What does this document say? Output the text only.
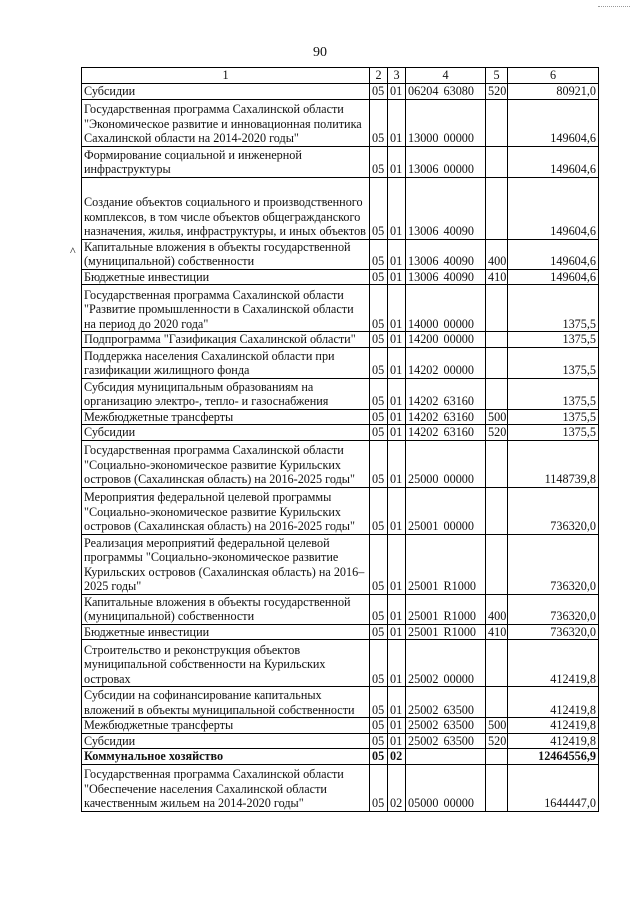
90
^
1	2	3	4		5	6
Субсидии	05	01	06204	63080	520	80921,0
Государственная программа Сахалинской области "Экономическое развитие и инновационная политика Сахалинской области на 2014-2020 годы"	05	01	13000	00000		149604,6
Формирование социальной и инженерной инфраструктуры	05	01	13006	00000		149604,6
Создание объектов социального и производственного комплексов, в том числе объектов общегражданского назначения, жилья, инфраструктуры, и иных объектов	05	01	13006	40090		149604,6
Капитальные вложения в объекты государственной (муниципальной) собственности	05	01	13006	40090	400	149604,6
Бюджетные инвестиции	05	01	13006	40090	410	149604,6
Государственная программа Сахалинской области "Развитие промышленности в Сахалинской области на период до 2020 года"	05	01	14000	00000		1375,5
Подпрограмма "Газификация Сахалинской области"	05	01	14200	00000		1375,5
Поддержка населения Сахалинской области при газификации жилищного фонда	05	01	14202	00000		1375,5
Субсидия муниципальным образованиям на организацию электро-, тепло- и газоснабжения	05	01	14202	63160		1375,5
Межбюджетные трансферты	05	01	14202	63160	500	1375,5
Субсидии	05	01	14202	63160	520	1375,5
Государственная программа Сахалинской области "Социально-экономическое развитие Курильских островов (Сахалинская область) на 2016-2025 годы"	05	01	25000	00000		1148739,8
Мероприятия федеральной целевой программы "Социально-экономическое развитие Курильских островов (Сахалинская область) на 2016-2025 годы"	05	01	25001	00000		736320,0
Реализация мероприятий федеральной целевой программы "Социально-экономическое развитие Курильских островов (Сахалинская область) на 2016–2025 годы"	05	01	25001	R1000		736320,0
Капитальные вложения в объекты государственной (муниципальной) собственности	05	01	25001	R1000	400	736320,0
Бюджетные инвестиции	05	01	25001	R1000	410	736320,0
Строительство и реконструкция объектов муниципальной собственности на Курильских островах	05	01	25002	00000		412419,8
Субсидии на софинансирование капитальных вложений в объекты муниципальной собственности	05	01	25002	63500		412419,8
Межбюджетные трансферты	05	01	25002	63500	500	412419,8
Субсидии	05	01	25002	63500	520	412419,8
Коммунальное хозяйство	05	02				12464556,9
Государственная программа Сахалинской области "Обеспечение населения Сахалинской области качественным жильем на 2014-2020 годы"	05	02	05000	00000		1644447,0
